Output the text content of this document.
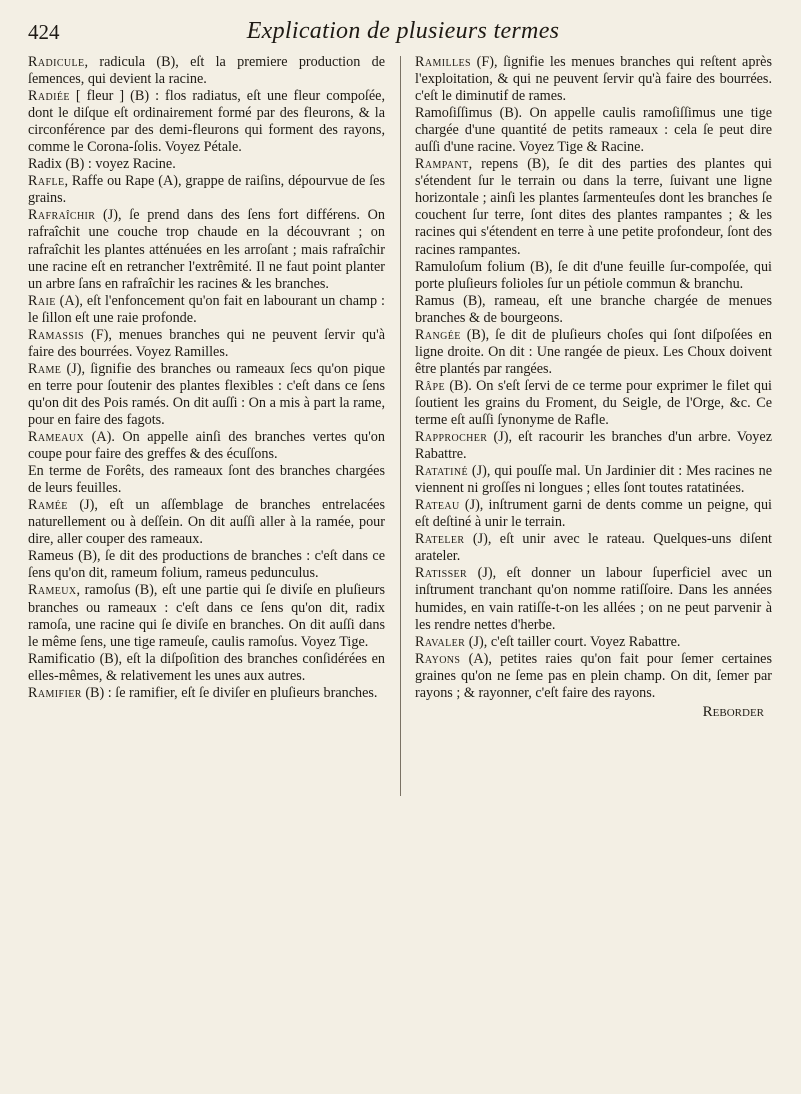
424	Explication de plusieurs termes

Radicule, radicula (B), eſt la premiere production de ſemences, qui devient la racine.

Radiée [ fleur ] (B) : flos radiatus, eſt une fleur compoſée, dont le diſque eſt ordinairement formé par des fleurons, & la circonférence par des demi-fleurons qui forment des rayons, comme le Corona-ſolis. Voyez Pétale.

Radix (B) : voyez Racine.

Rafle, Raffe ou Rape (A), grappe de raiſins, dépourvue de ſes grains.

Rafraîchir (J), ſe prend dans des ſens fort différens. On rafraîchit une couche trop chaude en la découvrant ; on rafraîchit les plantes atténuées en les arroſant ; mais rafraîchir une racine eſt en retrancher l'extrêmité. Il ne faut point planter un arbre ſans en rafraîchir les racines & les branches.

Raie (A), eſt l'enfoncement qu'on fait en labourant un champ : le ſillon eſt une raie profonde.

Ramassis (F), menues branches qui ne peuvent ſervir qu'à faire des bourrées. Voyez Ramilles.

Rame (J), ſignifie des branches ou rameaux ſecs qu'on pique en terre pour ſoutenir des plantes flexibles : c'eſt dans ce ſens qu'on dit des Pois ramés. On dit auſſi : On a mis à part la rame, pour en faire des fagots.

Rameaux (A). On appelle ainſi des branches vertes qu'on coupe pour faire des greffes & des écuſſons.

En terme de Forêts, des rameaux ſont des branches chargées de leurs feuilles.

Ramée (J), eſt un aſſemblage de branches entrelacées naturellement ou à deſſein. On dit auſſi aller à la ramée, pour dire, aller couper des rameaux.

Rameus (B), ſe dit des productions de branches : c'eſt dans ce ſens qu'on dit, rameum folium, rameus pedunculus.

Rameux, ramoſus (B), eſt une partie qui ſe diviſe en pluſieurs branches ou rameaux : c'eſt dans ce ſens qu'on dit, radix ramoſa, une racine qui ſe diviſe en branches. On dit auſſi dans le même ſens, une tige rameuſe, caulis ramoſus. Voyez Tige.

Ramificatio (B), eſt la diſpoſition des branches conſidérées en elles-mêmes, & relativement les unes aux autres.

Ramifier (B) : ſe ramifier, eſt ſe diviſer en pluſieurs branches.

Ramilles (F), ſignifie les menues branches qui reſtent après l'exploitation, & qui ne peuvent ſervir qu'à faire des bourrées. c'eſt le diminutif de rames.

Ramoſiſſimus (B). On appelle caulis ramoſiſſimus une tige chargée d'une quantité de petits rameaux : cela ſe peut dire auſſi d'une racine. Voyez Tige & Racine.

Rampant, repens (B), ſe dit des parties des plantes qui s'étendent ſur le terrain ou dans la terre, ſuivant une ligne horizontale ; ainſi les plantes ſarmenteuſes dont les branches ſe couchent ſur terre, ſont dites des plantes rampantes ; & les racines qui s'étendent en terre à une petite profondeur, ſont des racines rampantes.

Ramuloſum folium (B), ſe dit d'une feuille ſur-compoſée, qui porte pluſieurs folioles ſur un pétiole commun & branchu.

Ramus (B), rameau, eſt une branche chargée de menues branches & de bourgeons.

Rangée (B), ſe dit de pluſieurs choſes qui ſont diſpoſées en ligne droite. On dit : Une rangée de pieux. Les Choux doivent être plantés par rangées.

Râpe (B). On s'eſt ſervi de ce terme pour exprimer le filet qui ſoutient les grains du Froment, du Seigle, de l'Orge, &c. Ce terme eſt auſſi ſynonyme de Rafle.

Rapprocher (J), eſt racourir les branches d'un arbre. Voyez Rabattre.

Ratatiné (J), qui pouſſe mal. Un Jardinier dit : Mes racines ne viennent ni groſſes ni longues ; elles ſont toutes ratatinées.

Rateau (J), inſtrument garni de dents comme un peigne, qui eſt deſtiné à unir le terrain.

Rateler (J), eſt unir avec le rateau. Quelques-uns diſent arateler.

Ratisser (J), eſt donner un labour ſuperficiel avec un inſtrument tranchant qu'on nomme ratiſſoire. Dans les années humides, en vain ratiſſe-t-on les allées ; on ne peut parvenir à les rendre nettes d'herbe.

Ravaler (J), c'eſt tailler court. Voyez Rabattre.

Rayons (A), petites raies qu'on fait pour ſemer certaines graines qu'on ne ſeme pas en plein champ. On dit, ſemer par rayons ; & rayonner, c'eſt faire des rayons.

Reborder
